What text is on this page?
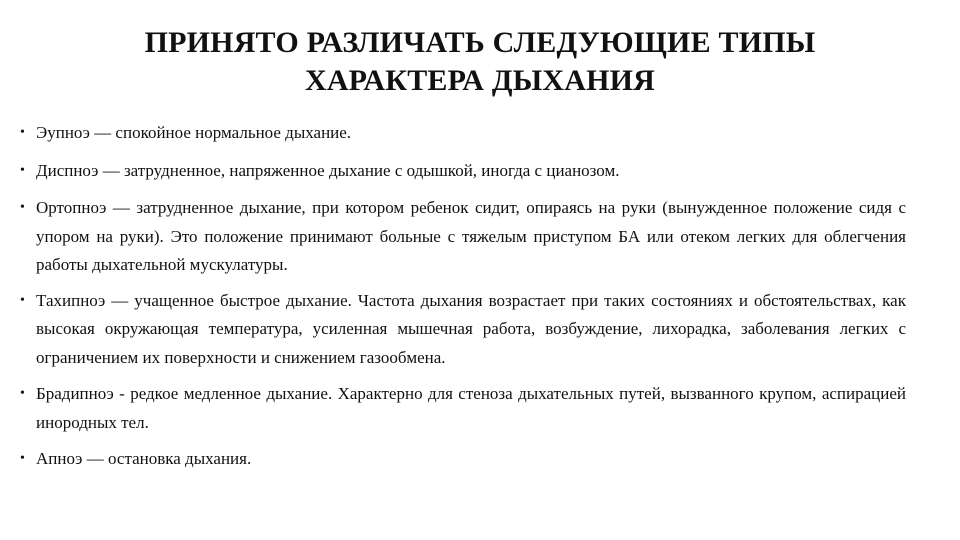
ПРИНЯТО РАЗЛИЧАТЬ СЛЕДУЮЩИЕ ТИПЫ
ХАРАКТЕРА ДЫХАНИЯ
• Эупноэ — спокойное нормальное дыхание.
• Диспноэ — затрудненное, напряженное дыхание с одышкой, иногда с цианозом.
• Ортопноэ — затрудненное дыхание, при котором ребенок сидит, опираясь на руки (вынужденное положение сидя с упором на руки). Это положение принимают больные с тяжелым приступом БА или отеком легких для облегчения работы дыхательной мускулатуры.
• Тахипноэ — учащенное быстрое дыхание. Частота дыхания возрастает при таких состояниях и обстоятельствах, как высокая окружающая температура, усиленная мышечная работа, возбуждение, лихорадка, заболевания легких с ограничением их поверхности и снижением газообмена.
• Брадипноэ - редкое медленное дыхание. Характерно для стеноза дыхательных путей, вызванного крупом, аспирацией инородных тел.
• Апноэ — остановка дыхания.
